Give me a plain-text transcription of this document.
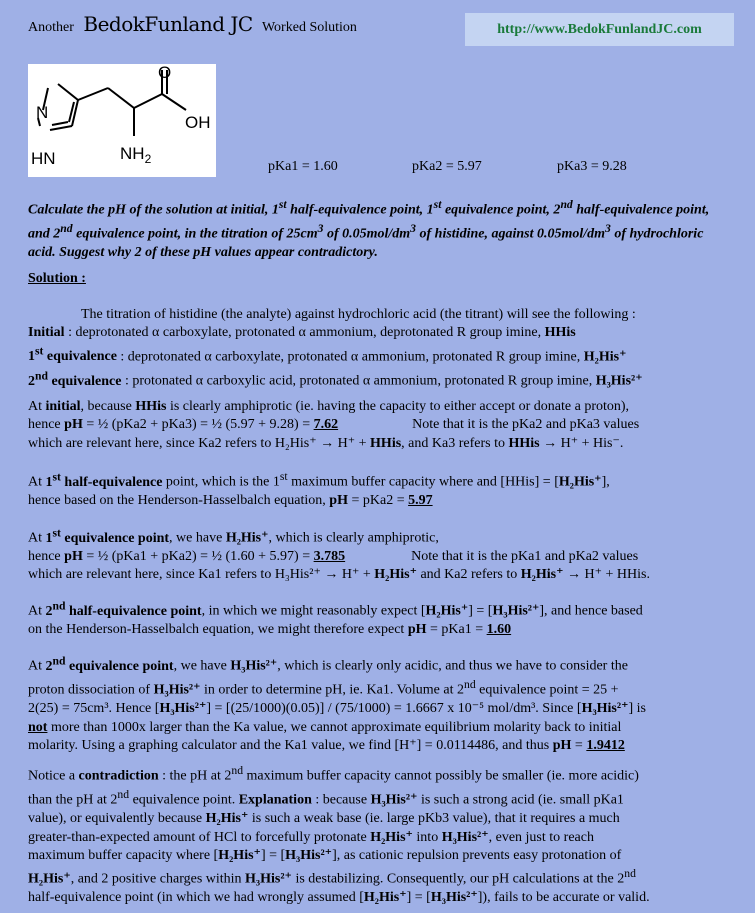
Another BedokFunland JC Worked Solution	http://www.BedokFunlandJC.com
N
HN
O
OH
$NH_2$	pKa1 = 1.60	pKa2 = 5.97	pKa3 = 9.28
Calculate the pH of the solution at initial, 1st half-equivalence point, 1st equivalence point, 2nd half-equivalence point, and 2nd equivalence point, in the titration of $25cm^3$ of $0.05mol/dm^3$ of histidine, against $0.05mol/dm^3$ of hydrochloric acid. Suggest why 2 of these pH values appear contradictory.
Solution :

The titration of histidine (the analyte) against hydrochloric acid (the titrant) will see the following :

Initial : deprotonated α carboxylate, protonated α ammonium, deprotonated R group imine, HHis

1st equivalence : deprotonated α carboxylate, protonated α ammonium, protonated R group imine, H₂His⁺

2nd equivalence : protonated α carboxylic acid, protonated α ammonium, protonated R group imine, H₃His²⁺

At initial, because HHis is clearly amphiprotic (ie. having the capacity to either accept or donate a proton),

hence pH = ½ (pKa2 + pKa3) = ½ (5.97 + 9.28) = 7.62	Note that it is the pKa2 and pKa3 values

which are relevant here, since Ka2 refers to H₂His⁺ → H⁺ + HHis, and Ka3 refers to HHis → H⁺ + His⁻.

At 1st half-equivalence point, which is the 1st maximum buffer capacity where and [HHis] = [H₂His⁺],

hence based on the Henderson-Hasselbalch equation, pH = pKa2 = 5.97

At 1st equivalence point, we have H₂His⁺, which is clearly amphiprotic,

hence pH = ½ (pKa1 + pKa2) = ½ (1.60 + 5.97) = 3.785	Note that it is the pKa1 and pKa2 values

which are relevant here, since Ka1 refers to H₃His²⁺ → H⁺ + H₂His⁺ and Ka2 refers to H₂His⁺ → H⁺ + HHis.

At 2nd half-equivalence point, in which we might reasonably expect [H₂His⁺] = [H₃His²⁺], and hence based

on the Henderson-Hasselbalch equation, we might therefore expect pH = pKa1 = 1.60

At 2nd equivalence point, we have H₃His²⁺, which is clearly only acidic, and thus we have to consider the

proton dissociation of H₃His²⁺ in order to determine pH, ie. Ka1. Volume at 2nd equivalence point = 25 +

2(25) = 75cm³. Hence [H₃His²⁺] = [(25/1000)(0.05)] / (75/1000) = 1.6667 x 10⁻⁵ mol/dm³. Since [H₃His²⁺] is

not more than 1000x larger than the Ka value, we cannot approximate equilibrium molarity back to initial

molarity. Using a graphing calculator and the Ka1 value, we find [H⁺] = 0.0114486, and thus pH = 1.9412

Notice a contradiction : the pH at 2nd maximum buffer capacity cannot possibly be smaller (ie. more acidic)

than the pH at 2nd equivalence point. Explanation : because H₃His²⁺ is such a strong acid (ie. small pKa1

value), or equivalently because H₂His⁺ is such a weak base (ie. large pKb3 value), that it requires a much

greater-than-expected amount of HCl to forcefully protonate H₂His⁺ into H₃His²⁺, even just to reach

maximum buffer capacity where [H₂His⁺] = [H₃His²⁺], as cationic repulsion prevents easy protonation of

H₂His⁺, and 2 positive charges within H₃His²⁺ is destabilizing. Consequently, our pH calculations at the 2nd

half-equivalence point (in which we had wrongly assumed [H₂His⁺] = [H₃His²⁺]), fails to be accurate or valid.
